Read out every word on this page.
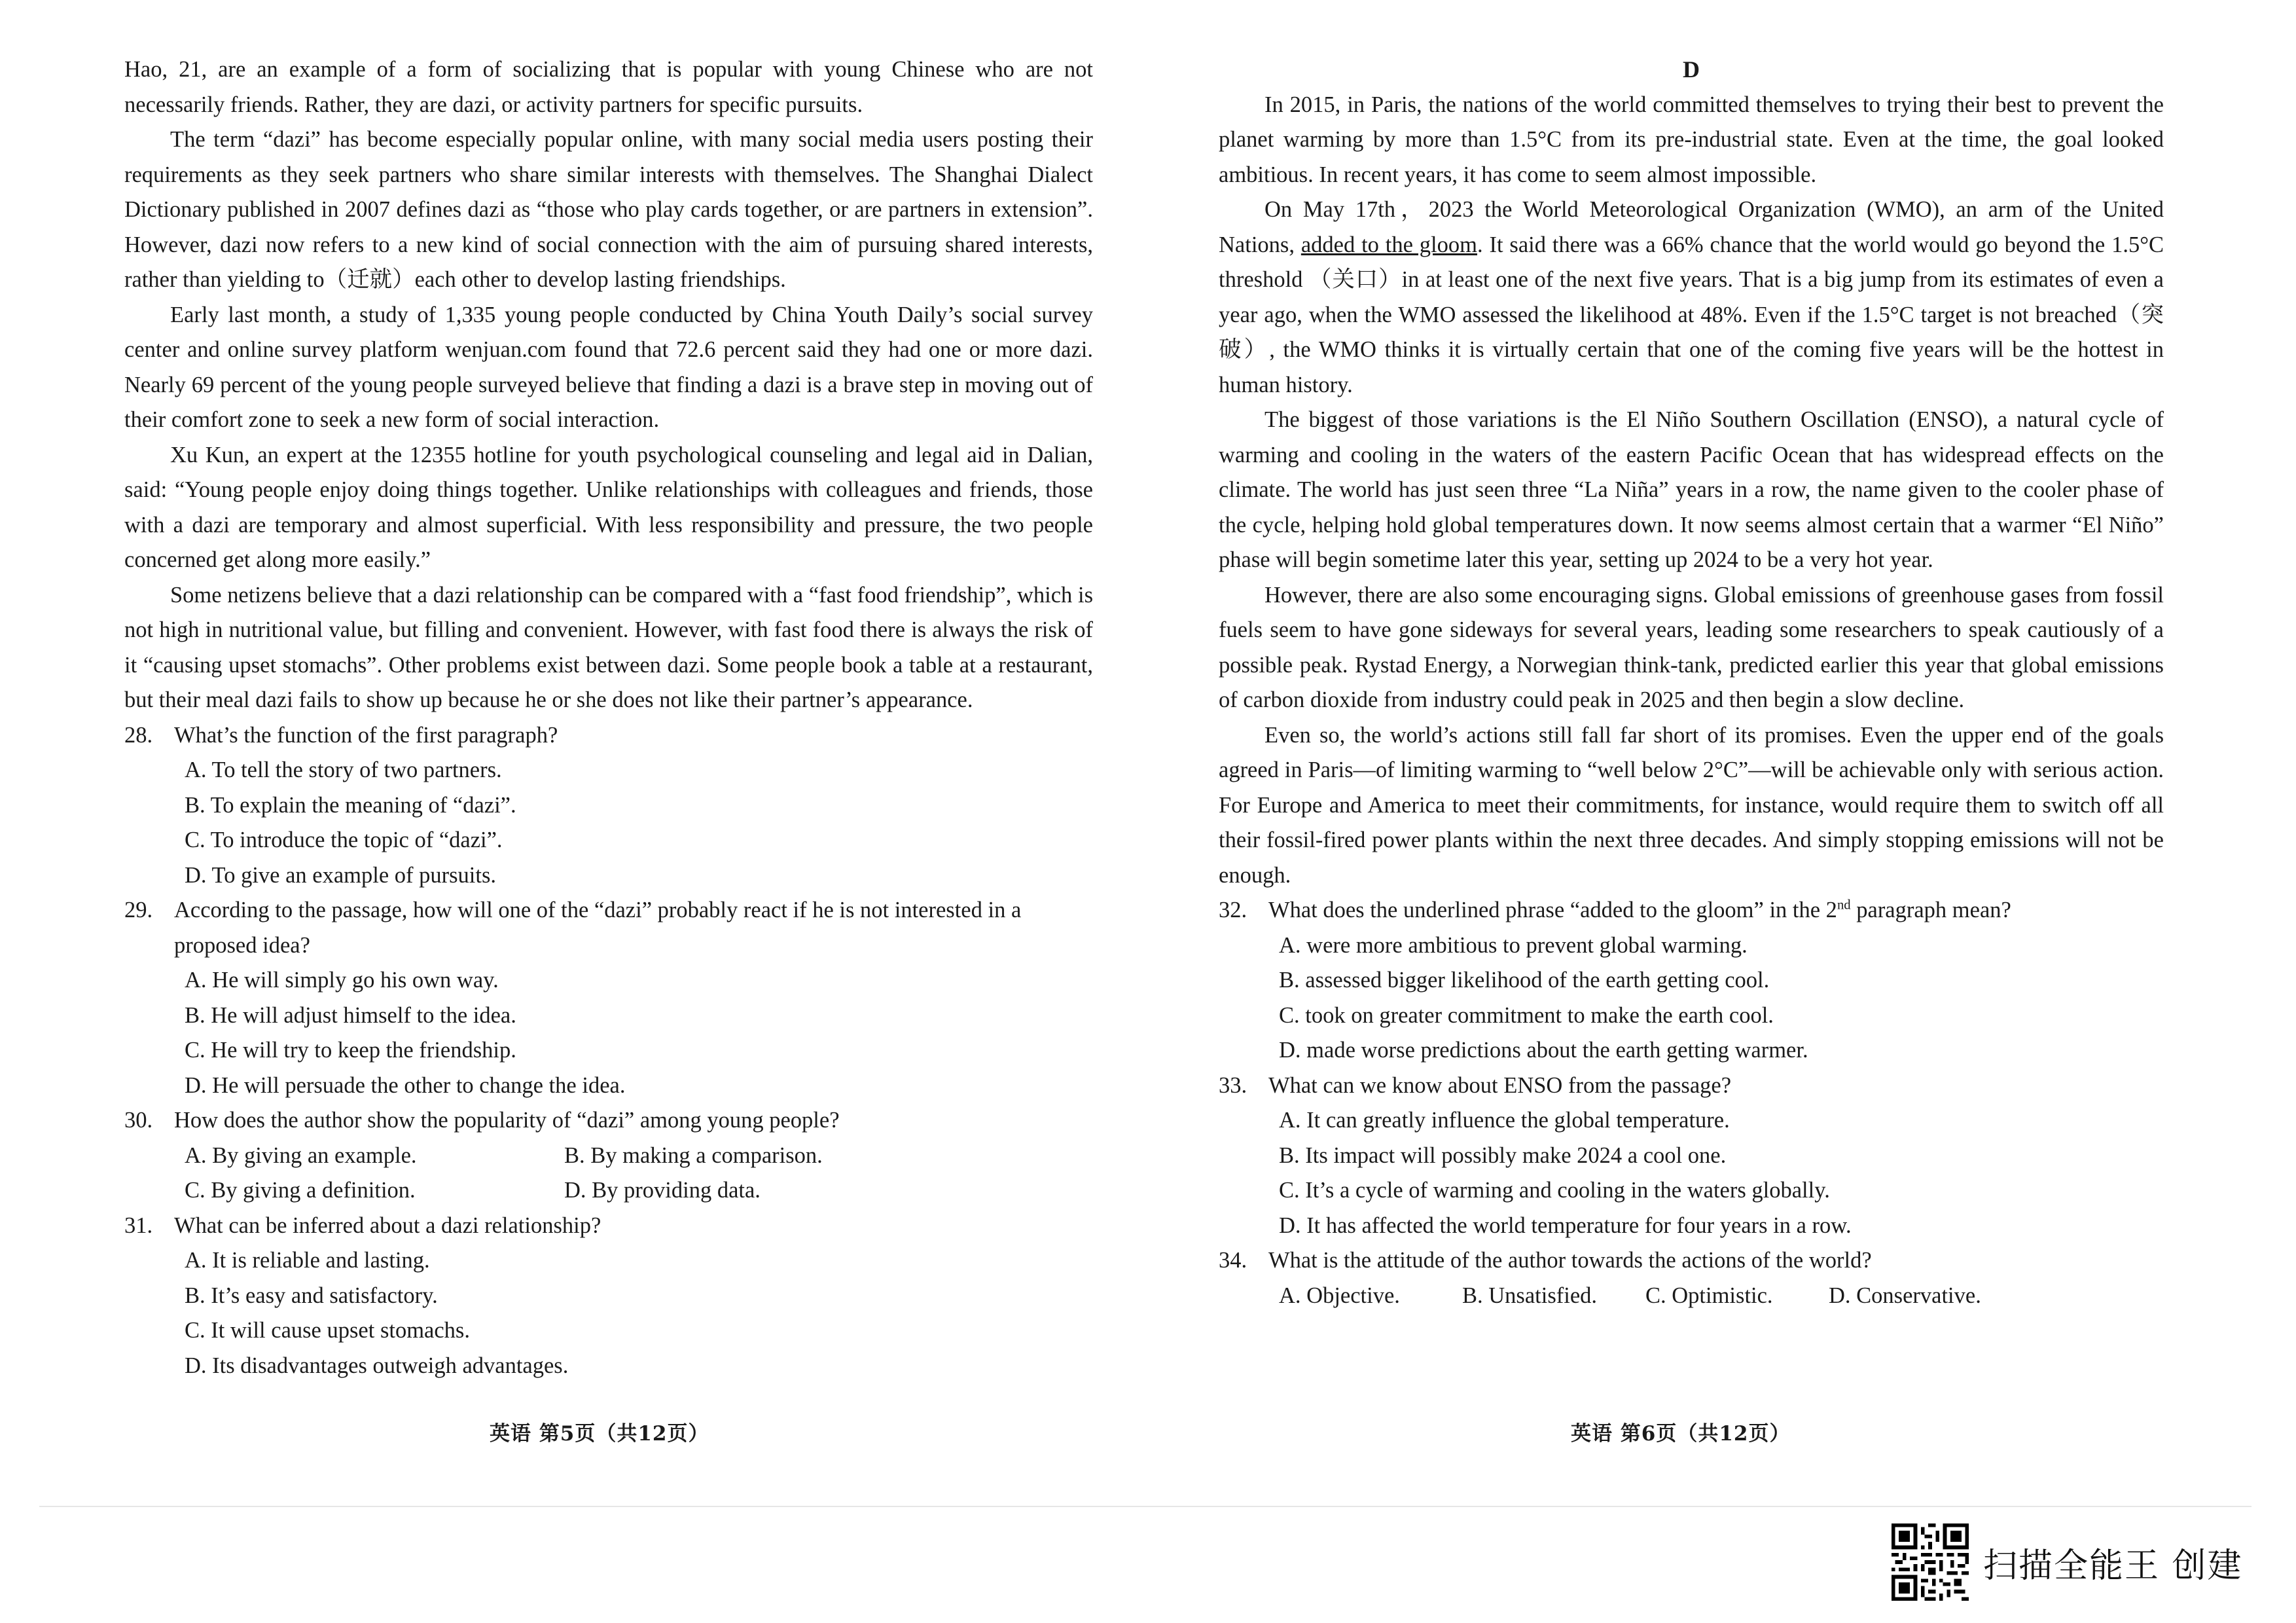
Hao, 21, are an example of a form of socializing that is popular with young Chinese who are not necessarily friends. Rather, they are dazi, or activity partners for specific pursuits.

The term “dazi” has become especially popular online, with many social media users posting their requirements as they seek partners who share similar interests with themselves. The Shanghai Dialect Dictionary published in 2007 defines dazi as “those who play cards together, or are partners in extension”. However, dazi now refers to a new kind of social connection with the aim of pursuing shared interests, rather than yielding to（迁就）each other to develop lasting friendships.

Early last month, a study of 1,335 young people conducted by China Youth Daily’s social survey center and online survey platform wenjuan.com found that 72.6 percent said they had one or more dazi. Nearly 69 percent of the young people surveyed believe that finding a dazi is a brave step in moving out of their comfort zone to seek a new form of social interaction.

Xu Kun, an expert at the 12355 hotline for youth psychological counseling and legal aid in Dalian, said: “Young people enjoy doing things together. Unlike relationships with colleagues and friends, those with a dazi are temporary and almost superficial. With less responsibility and pressure, the two people concerned get along more easily.”

Some netizens believe that a dazi relationship can be compared with a “fast food friendship”, which is not high in nutritional value, but filling and convenient. However, with fast food there is always the risk of it “causing upset stomachs”. Other problems exist between dazi. Some people book a table at a restaurant, but their meal dazi fails to show up because he or she does not like their partner’s appearance.

28. What’s the function of the first paragraph?
A. To tell the story of two partners.
B. To explain the meaning of “dazi”.
C. To introduce the topic of “dazi”.
D. To give an example of pursuits.
29. According to the passage, how will one of the “dazi” probably react if he is not interested in a proposed idea?
A. He will simply go his own way.
B. He will adjust himself to the idea.
C. He will try to keep the friendship.
D. He will persuade the other to change the idea.
30. How does the author show the popularity of “dazi” among young people?
A. By giving an example.	B. By making a comparison.
C. By giving a definition.	D. By providing data.
31. What can be inferred about a dazi relationship?
A. It is reliable and lasting.
B. It’s easy and satisfactory.
C. It will cause upset stomachs.
D. Its disadvantages outweigh advantages.
英语 第5页（共12页）
D

In 2015, in Paris, the nations of the world committed themselves to trying their best to prevent the planet warming by more than 1.5°C from its pre-industrial state. Even at the time, the goal looked ambitious. In recent years, it has come to seem almost impossible.

On May 17th，2023 the World Meteorological Organization (WMO), an arm of the United Nations, added to the gloom. It said there was a 66% chance that the world would go beyond the 1.5°C threshold （关口）in at least one of the next five years. That is a big jump from its estimates of even a year ago, when the WMO assessed the likelihood at 48%. Even if the 1.5°C target is not breached（突破）, the WMO thinks it is virtually certain that one of the coming five years will be the hottest in human history.

The biggest of those variations is the El Niño Southern Oscillation (ENSO), a natural cycle of warming and cooling in the waters of the eastern Pacific Ocean that has widespread effects on the climate. The world has just seen three “La Niña” years in a row, the name given to the cooler phase of the cycle, helping hold global temperatures down. It now seems almost certain that a warmer “El Niño” phase will begin sometime later this year, setting up 2024 to be a very hot year.

However, there are also some encouraging signs. Global emissions of greenhouse gases from fossil fuels seem to have gone sideways for several years, leading some researchers to speak cautiously of a possible peak. Rystad Energy, a Norwegian think-tank, predicted earlier this year that global emissions of carbon dioxide from industry could peak in 2025 and then begin a slow decline.

Even so, the world’s actions still fall far short of its promises. Even the upper end of the goals agreed in Paris—of limiting warming to “well below 2°C”—will be achievable only with serious action. For Europe and America to meet their commitments, for instance, would require them to switch off all their fossil-fired power plants within the next three decades. And simply stopping emissions will not be enough.

32. What does the underlined phrase “added to the gloom” in the 2nd paragraph mean?
A. were more ambitious to prevent global warming.
B. assessed bigger likelihood of the earth getting cool.
C. took on greater commitment to make the earth cool.
D. made worse predictions about the earth getting warmer.
33. What can we know about ENSO from the passage?
A. It can greatly influence the global temperature.
B. Its impact will possibly make 2024 a cool one.
C. It’s a cycle of warming and cooling in the waters globally.
D. It has affected the world temperature for four years in a row.
34. What is the attitude of the author towards the actions of the world?
A. Objective.	B. Unsatisfied.	C. Optimistic.	D. Conservative.
英语 第6页（共12页）
扫描全能王 创建
